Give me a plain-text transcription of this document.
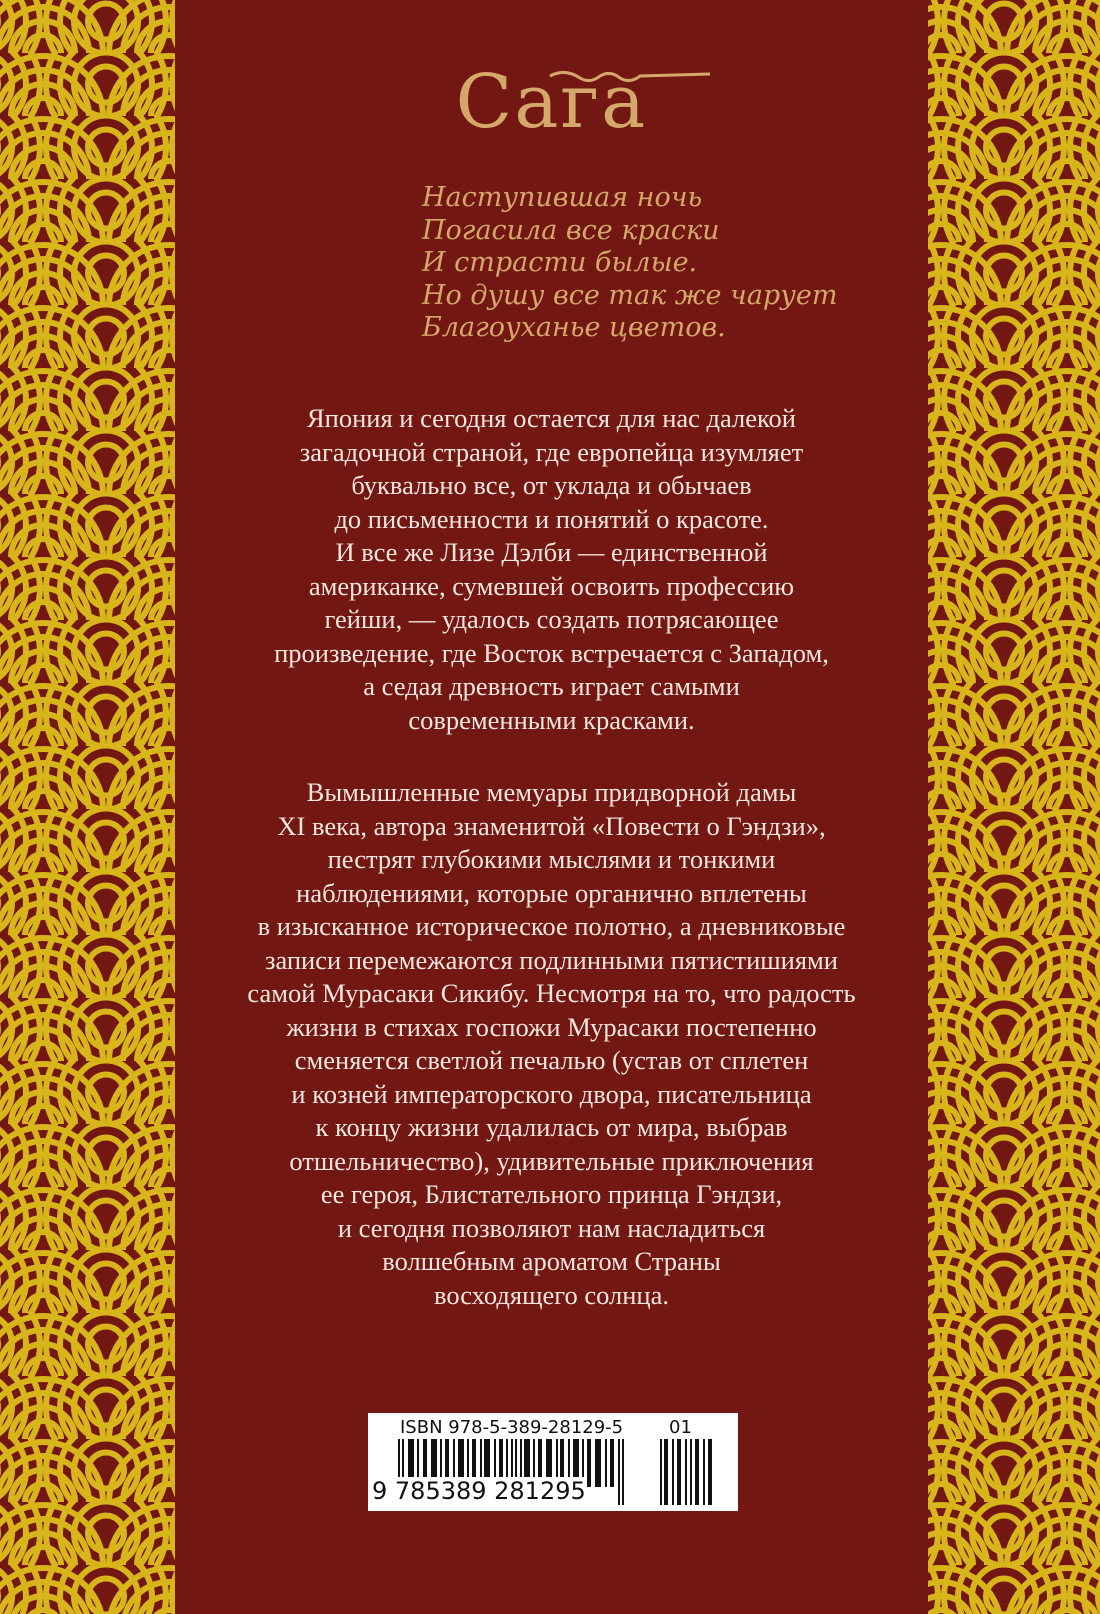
Сага
Наступившая ночь
Погасила все краски
И страсти былые.
Но душу все так же чарует
Благоуханье цветов.
Япония и сегодня остается для нас далекой
загадочной страной, где европейца изумляет
буквально все, от уклада и обычаев
до письменности и понятий о красоте.
И все же Лизе Дэлби — единственной
американке, сумевшей освоить профессию
гейши, — удалось создать потрясающее
произведение, где Восток встречается с Западом,
а седая древность играет самыми
современными красками.
Вымышленные мемуары придворной дамы
XI века, автора знаменитой «Повести о Гэндзи»,
пестрят глубокими мыслями и тонкими
наблюдениями, которые органично вплетены
в изысканное историческое полотно, а дневниковые
записи перемежаются подлинными пятистишиями
самой Мурасаки Сикибу. Несмотря на то, что радость
жизни в стихах госпожи Мурасаки постепенно
сменяется светлой печалью (устав от сплетен
и козней императорского двора, писательница
к концу жизни удалилась от мира, выбрав
отшельничество), удивительные приключения
ее героя, Блистательного принца Гэндзи,
и сегодня позволяют нам насладиться
волшебным ароматом Страны
восходящего солнца.
ISBN 978-5-389-28129-5	01
9 785389 281295
